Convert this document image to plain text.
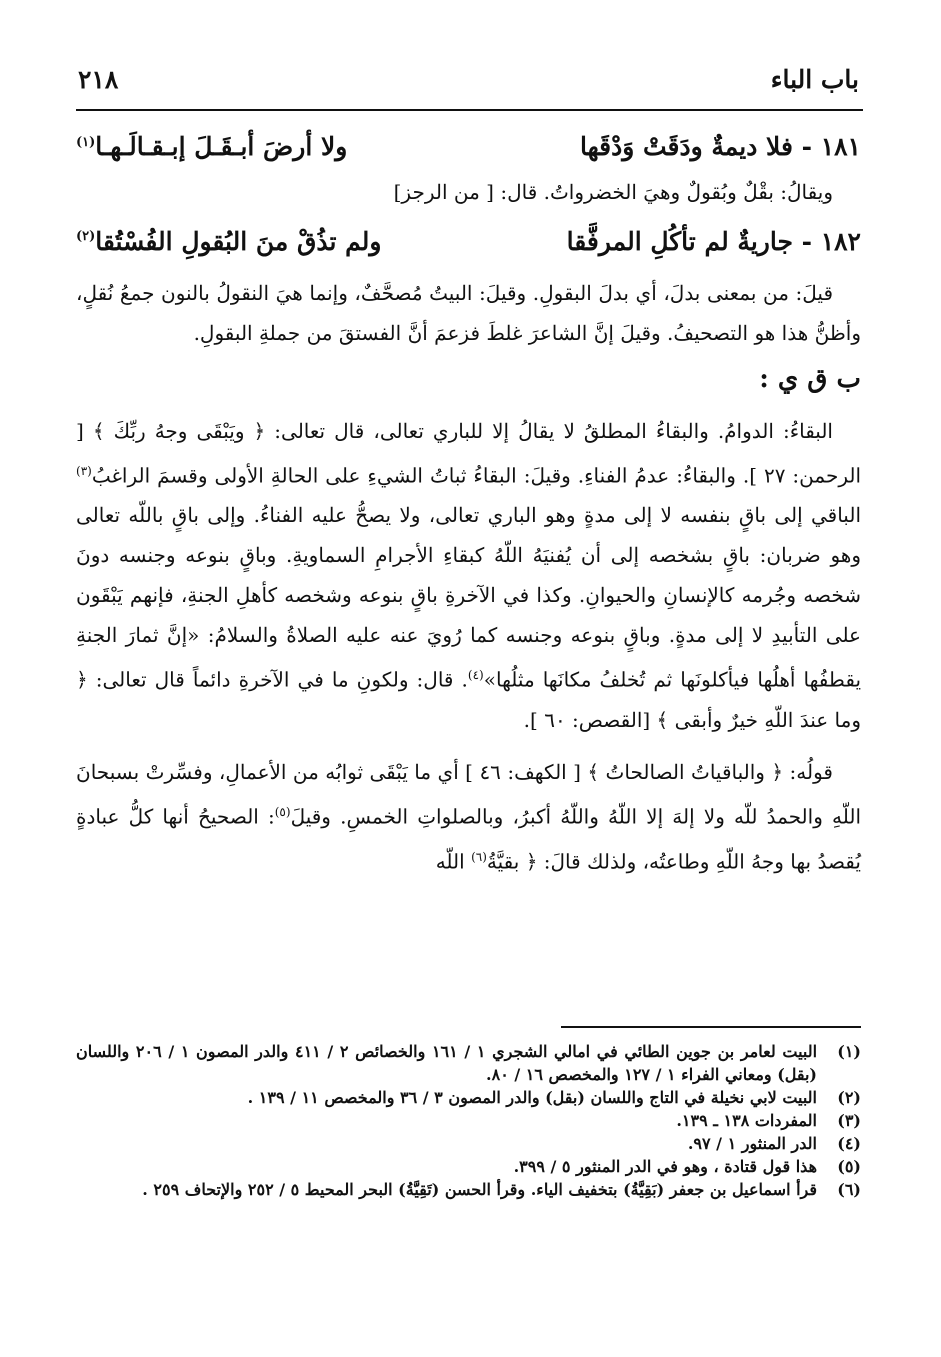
باب الباء
٢١٨
١٨١ - فلا ديمةٌ ودَقَتْ وَدْقَها
ولا أرضَ أبـقَـلَ إبـقـالَـهـا$^{(١)}$

ويقالُ: بقْلٌ وبُقولٌ وهيَ الخضرواتُ. قال: [ من الرجز]

١٨٢ - جاريةٌ لم تأكُلِ المرفَّقا
ولم تذُقْ منَ البُقولِ الفُسْتُقا$^{(٢)}$

قيلَ: من بمعنى بدلَ، أي بدلَ البقولِ. وقيلَ: البيتُ مُصحَّفٌ، وإنما هيَ النقولُ بالنون جمعُ نُقلٍ، وأظنُّ هذا هو التصحيفُ. وقيلَ إنَّ الشاعرَ غلطَ فزعمَ أنَّ الفستقَ من جملةِ البقولِ.

ب ق ي :

البقاءُ: الدوامُ. والبقاءُ المطلقُ لا يقالُ إلا للباري تعالى، قال تعالى: ﴿ ويَبْقَى وجهُ ربِّكَ ﴾ [ الرحمن: ٢٧ ]. والبقاءُ: عدمُ الفناءِ. وقيلَ: البقاءُ ثباتُ الشيءِ على الحالةِ الأولى وقسمَ الراغبُ$^{(٣)}$ الباقي إلى باقٍ بنفسه لا إلى مدةٍ وهو الباري تعالى، ولا يصحُّ عليه الفناءُ. وإلى باقٍ باللّه تعالى وهو ضربان: باقٍ بشخصه إلى أن يُفنيَهُ اللّهُ كبقاءِ الأجرامِ السماويةِ. وباقٍ بنوعه وجنسه دونَ شخصه وجُرمه كالإنسانِ والحيوانِ. وكذا في الآخرةِ باقٍ بنوعه وشخصه كأهلِ الجنةِ، فإنهم يَبْقَون على التأبيدِ لا إلى مدةٍ. وباقٍ بنوعه وجنسه كما رُويَ عنه عليه الصلاةُ والسلامُ: «إنَّ ثمارَ الجنةِ يقطفُها أهلُها فيأكلونَها ثم تُخلفُ مكانَها مثلُها»$^{(٤)}$. قال: ولكونِ ما في الآخرةِ دائماً قال تعالى: ﴿ وما عندَ اللّهِ خيرٌ وأبقى ﴾ [القصص: ٦٠ ].

قولُه: ﴿ والباقياتُ الصالحاتُ ﴾ [ الكهف: ٤٦ ] أي ما يَبْقَى ثوابُه من الأعمالِ، وفسِّرتْ بسبحانَ اللّهِ والحمدُ للّه ولا إلهَ إلا اللّهُ واللّهُ أكبرُ، وبالصلواتِ الخمسِ. وقيلَ$^{(٥)}$: الصحيحُ أنها كلُّ عبادةٍ يُقصدُ بها وجهُ اللّهِ وطاعتُه، ولذلك قالَ: ﴿ بقيَّةُ$^{(٦)}$ اللّه

(١)
البيت لعامر بن جوين الطائي في امالي الشجري ١ / ١٦١ والخصائص ٢ / ٤١١ والدر المصون ١ / ٢٠٦ واللسان (بقل) ومعاني الفراء ١ / ١٢٧ والمخصص ١٦ / ٨٠.
(٢)
البيت لابي نخيلة في التاج واللسان (بقل) والدر المصون ٣ / ٣٦ والمخصص ١١ / ١٣٩ .
(٣)
المفردات ١٣٨ ـ ١٣٩.
(٤)
الدر المنثور ١ / ٩٧.
(٥)
هذا قول قتادة ، وهو في الدر المنثور ٥ / ٣٩٩.
(٦)
قرأ اسماعيل بن جعفر (بَقِيَّةُ) بتخفيف الياء. وقرأ الحسن (تَقِيَّةُ) البحر المحيط ٥ / ٢٥٢ والإتحاف ٢٥٩ .
